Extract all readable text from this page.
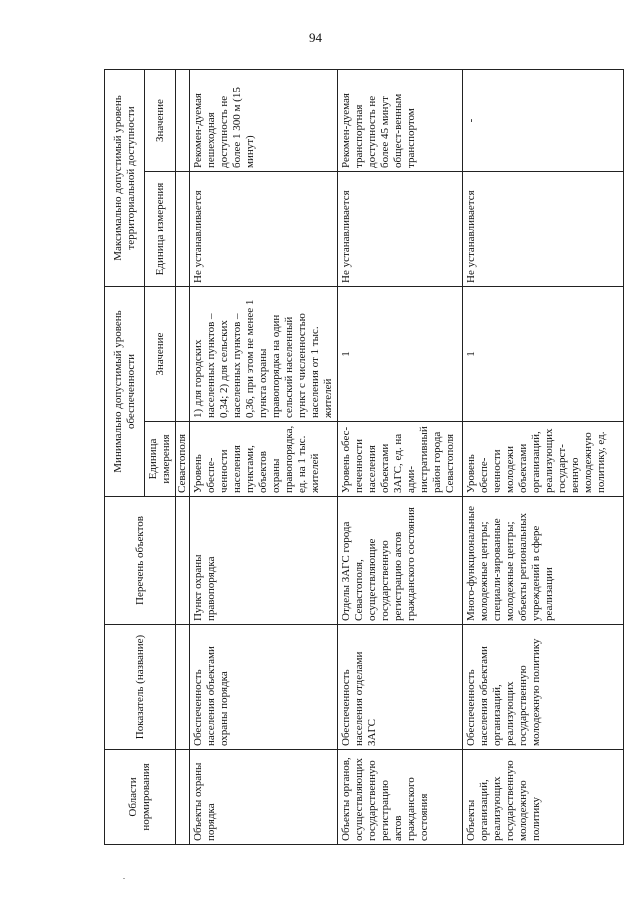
94
Области нормирования	Показатель (название)	Перечень объектов	Минимально допустимый уровень обеспеченности		Максимально допустимый уровень территориальной доступности	
			Единица измерения	Значение	Единица измерения	Значение
			Севастополя			
Объекты охраны порядка	Обеспеченность населения объектами охраны порядка	Пункт охраны правопорядка	Уровень обеспе-ченности населения пунктами, объектов охраны правопорядка, ед. на 1 тыс. жителей	1) для городских населенных пунктов – 0,34; 2) для сельских населенных пунктов – 0,36, при этом не менее 1 пункта охраны правопорядка на один сельский населенный пункт с численностью населения от 1 тыс. жителей	Не устанавливается	Рекомен-дуемая пешеходная доступность не более 1 300 м (15 минут)
Объекты органов, осуществляющих государственную регистрацию актов гражданского состояния	Обеспеченность населения отделами ЗАГС	Отделы ЗАГС города Севастополя, осуществляющие государственную регистрацию актов гражданского состояния	Уровень обес-печенности населения объектами ЗАГС, ед. на адми-нистративный район города Севастополя	1	Не устанавливается	Рекомен-дуемая транспортная доступность не более 45 минут общест-венным транспортом
Объекты организаций, реализующих государственную молодежную политику	Обеспеченность населения объектами организаций, реализующих государственную молодежную политику	Много-функциональные молодежные центры; специали-зированные молодежные центры; объекты региональных учреждений в сфере реализации	Уровень обеспе-ченности молодежи объектами организаций, реализующих государст-венную молодежную политику, ед.	1	Не устанавливается	-
.
